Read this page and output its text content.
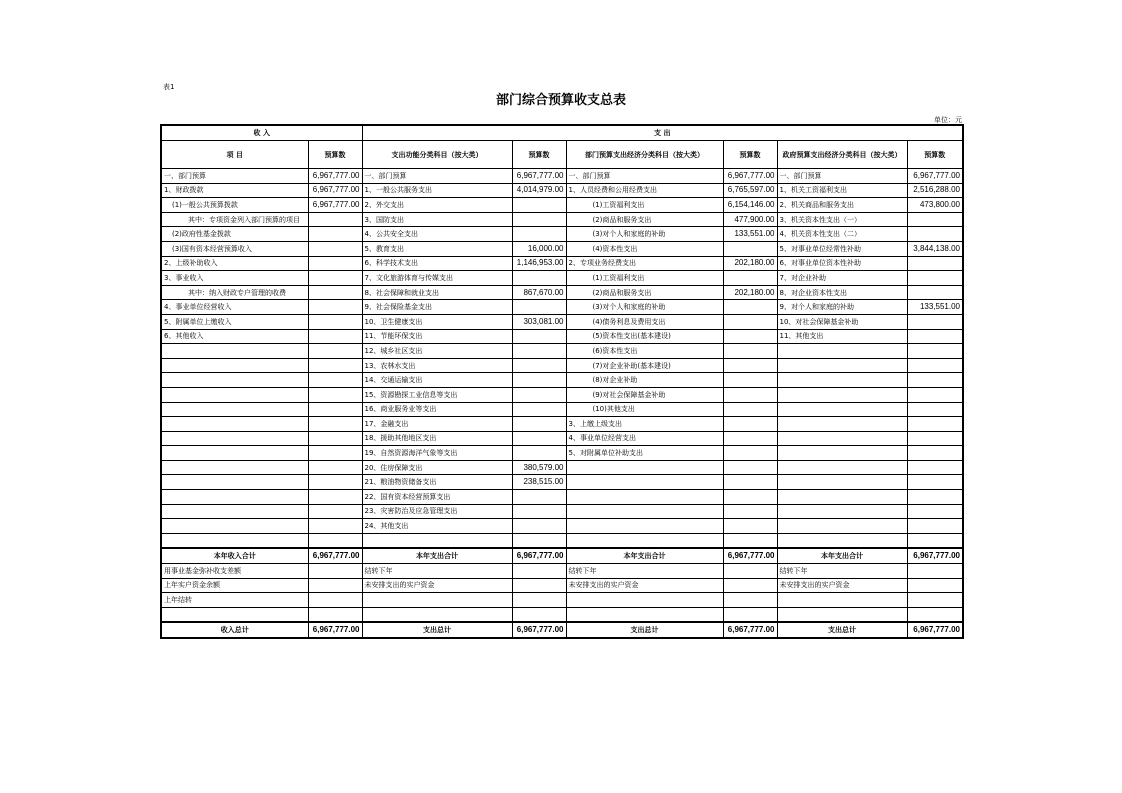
表1
部门综合预算收支总表
单位：元
收 入		支 出					
项 目	预算数	支出功能分类科目（按大类）	预算数	部门预算支出经济分类科目（按大类）	预算数	政府预算支出经济分类科目（按大类）	预算数
一、部门预算	6,967,777.00	一、部门预算	6,967,777.00	一、部门预算	6,967,777.00	一、部门预算	6,967,777.00
1、财政拨款	6,967,777.00	1、一般公共服务支出	4,014,979.00	1、人员经费和公用经费支出	6,765,597.00	1、机关工资福利支出	2,516,288.00
(1)一般公共预算拨款	6,967,777.00	2、外交支出		(1)工资福利支出	6,154,146.00	2、机关商品和服务支出	473,800.00
其中：专项资金列入部门预算的项目		3、国防支出		(2)商品和服务支出	477,900.00	3、机关资本性支出（一）	
(2)政府性基金拨款		4、公共安全支出		(3)对个人和家庭的补助	133,551.00	4、机关资本性支出（二）	
(3)国有资本经营预算收入		5、教育支出	16,000.00	(4)资本性支出		5、对事业单位经常性补助	3,844,138.00
2、上级补助收入		6、科学技术支出	1,146,953.00	2、专项业务经费支出	202,180.00	6、对事业单位资本性补助	
3、事业收入		7、文化旅游体育与传媒支出		(1)工资福利支出		7、对企业补助	
其中：纳入财政专户管理的收费		8、社会保障和就业支出	867,670.00	(2)商品和服务支出	202,180.00	8、对企业资本性支出	
4、事业单位经营收入		9、社会保险基金支出		(3)对个人和家庭的补助		9、对个人和家庭的补助	133,551.00
5、附属单位上缴收入		10、卫生健康支出	303,081.00	(4)债务利息及费用支出		10、对社会保障基金补助	
6、其他收入		11、节能环保支出		(5)资本性支出(基本建设)		11、其他支出	
		12、城乡社区支出		(6)资本性支出			
		13、农林水支出		(7)对企业补助(基本建设)			
		14、交通运输支出		(8)对企业补助			
		15、资源勘探工业信息等支出		(9)对社会保障基金补助			
		16、商业服务业等支出		(10)其他支出			
		17、金融支出		3、上缴上级支出			
		18、援助其他地区支出		4、事业单位经营支出			
		19、自然资源海洋气象等支出		5、对附属单位补助支出			
		20、住房保障支出	380,579.00				
		21、粮油物资储备支出	238,515.00				
		22、国有资本经营预算支出					
		23、灾害防治及应急管理支出					
		24、其他支出					

本年收入合计	6,967,777.00	本年支出合计	6,967,777.00	本年支出合计	6,967,777.00	本年支出合计	6,967,777.00
用事业基金弥补收支差额		结转下年		结转下年		结转下年	
上年实户资金余额		未安排支出的实户资金		未安排支出的实户资金		未安排支出的实户资金	
上年结转							

收入总计	6,967,777.00	支出总计	6,967,777.00	支出总计	6,967,777.00	支出总计	6,967,777.00
